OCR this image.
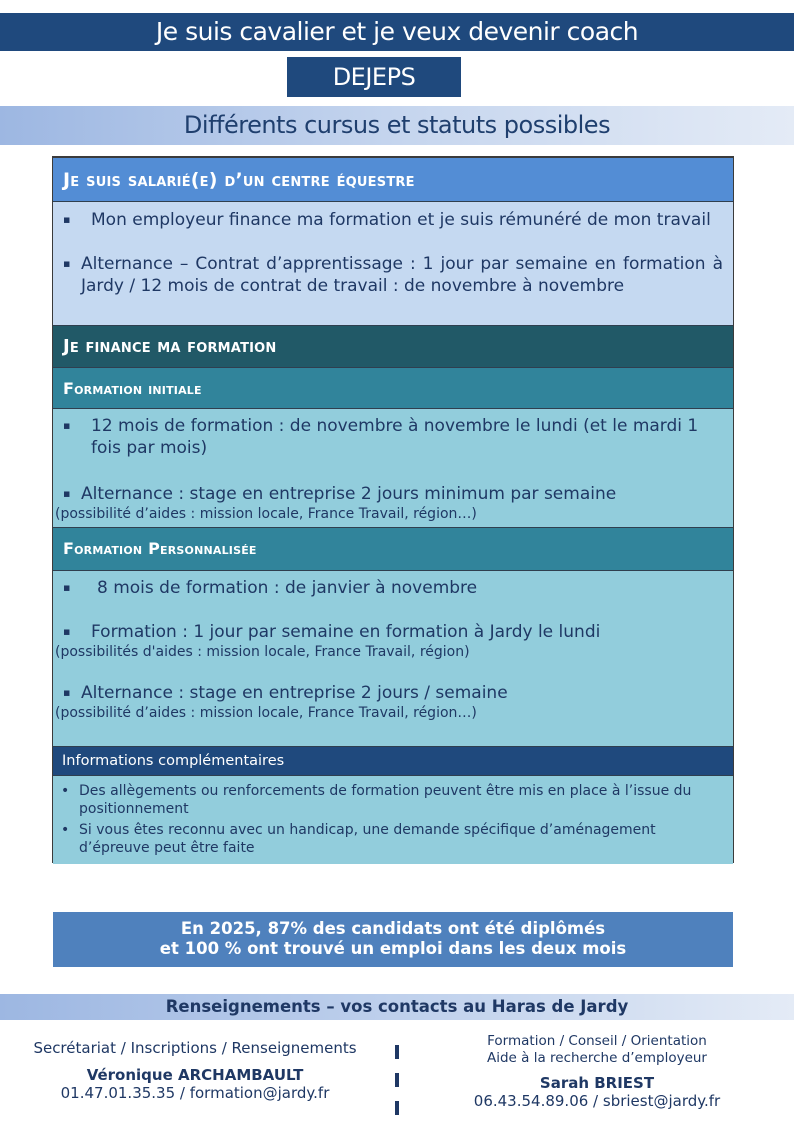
Je suis cavalier et je veux devenir coach
DEJEPS
Différents cursus et statuts possibles
Je suis salarié(e) d’un centre équestre
▪	Mon employeur finance ma formation et je suis rémunéré de mon travail
▪ Alternance – Contrat d’apprentissage : 1 jour par semaine en formation à Jardy / 12 mois de contrat de travail : de novembre à novembre
Je finance ma formation
Formation initiale
▪	12 mois de formation : de novembre à novembre le lundi (et le mardi 1 fois par mois)
▪ Alternance : stage en entreprise 2 jours minimum par semaine
(possibilité d’aides : mission locale, France Travail, région…)
Formation Personnalisée
▪	8 mois de formation : de janvier à novembre
▪	Formation : 1 jour par semaine en formation à Jardy le lundi
(possibilités d'aides : mission locale, France Travail, région)
▪ Alternance : stage en entreprise 2 jours / semaine
(possibilité d’aides : mission locale, France Travail, région…)
Informations complémentaires
• Des allègements ou renforcements de formation peuvent être mis en place à l’issue du positionnement
• Si vous êtes reconnu avec un handicap, une demande spécifique d’aménagement d’épreuve peut être faite
En 2025, 87% des candidats ont été diplômés
et 100 % ont trouvé un emploi dans les deux mois
Renseignements – vos contacts au Haras de Jardy
Secrétariat / Inscriptions / Renseignements
Véronique ARCHAMBAULT
01.47.01.35.35 / formation@jardy.fr
Formation / Conseil / Orientation
Aide à la recherche d’employeur
Sarah BRIEST
06.43.54.89.06 / sbriest@jardy.fr
